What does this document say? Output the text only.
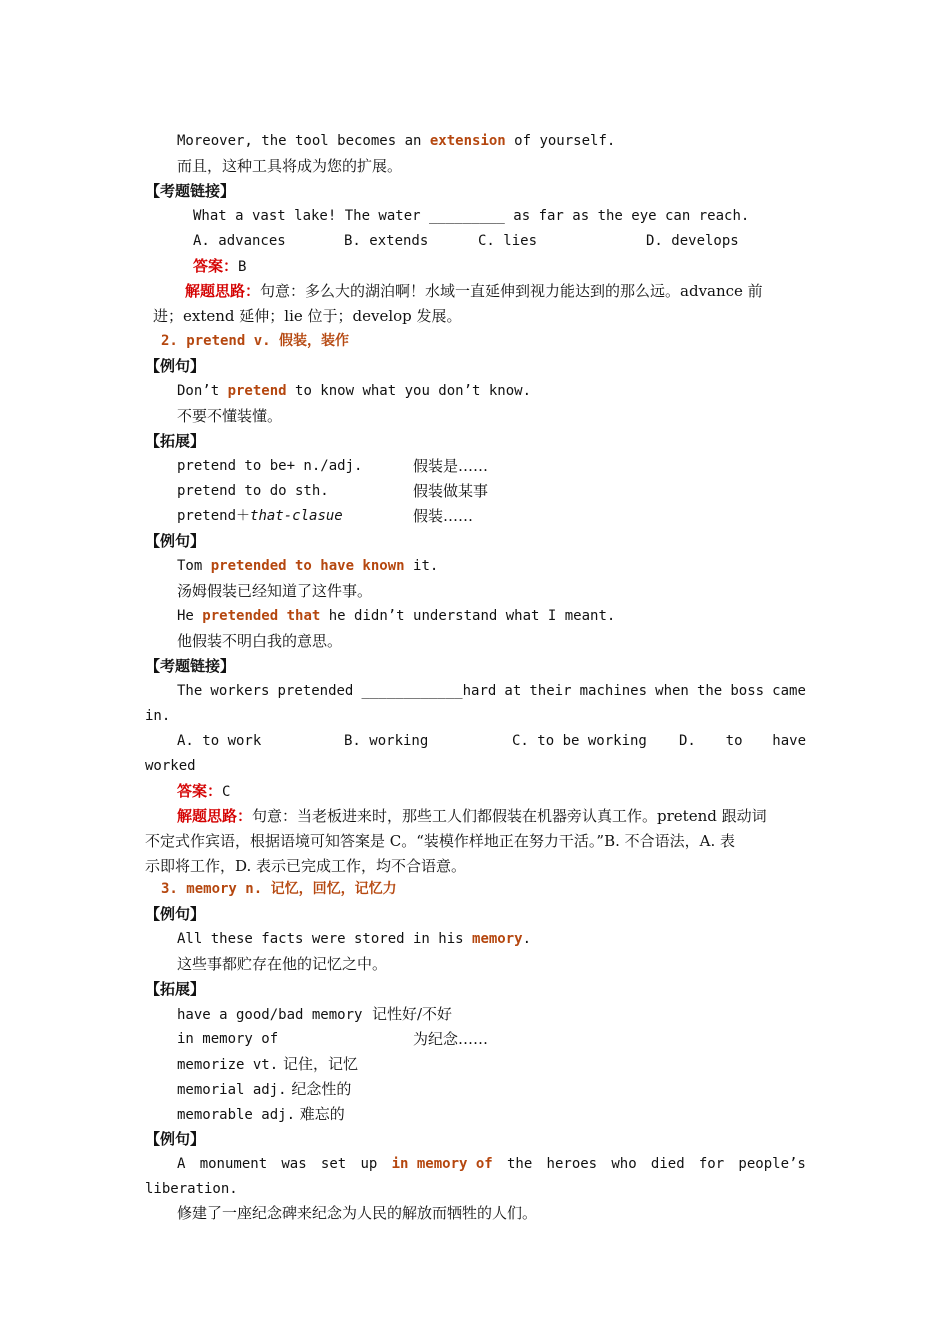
Moreover, the tool becomes an extension of yourself.
而且，这种工具将成为您的扩展。
【考题链接】
What a vast lake! The water _________ as far as the eye can reach.
A. advances	B. extends	C. lies	D. develops
答案：B
解题思路：句意：多么大的湖泊啊！水域一直延伸到视力能达到的那么远。advance 前
进；extend 延伸；lie 位于；develop 发展。
2. pretend v. 假装，装作
【例句】
Don’t pretend to know what you don’t know.
不要不懂装懂。
【拓展】
pretend to be+ n./adj.	假装是……
pretend to do sth.	假装做某事
pretend＋that-clasue	假装……
【例句】
Tom pretended to have known it.
汤姆假装已经知道了这件事。
He pretended that he didn’t understand what I meant.
他假装不明白我的意思。
【考题链接】
The workers pretended ____________hard at their machines when the boss came
in.
A. to work	B. working	C. to be working D. to have
worked
答案：C
解题思路：句意：当老板进来时，那些工人们都假装在机器旁认真工作。pretend 跟动词
不定式作宾语，根据语境可知答案是 C。“装模作样地正在努力干活。”B. 不合语法，A. 表
示即将工作，D. 表示已完成工作，均不合语意。
3. memory n. 记忆，回忆，记忆力
【例句】
All these facts were stored in his memory.
这些事都贮存在他的记忆之中。
【拓展】
have a good/bad memory 记性好/不好
in memory of	为纪念……
memorize vt. 记住，记忆
memorial adj. 纪念性的
memorable adj. 难忘的
【例句】
A monument was set up in memory of the heroes who died for people’s
liberation.
修建了一座纪念碑来纪念为人民的解放而牺牲的人们。
